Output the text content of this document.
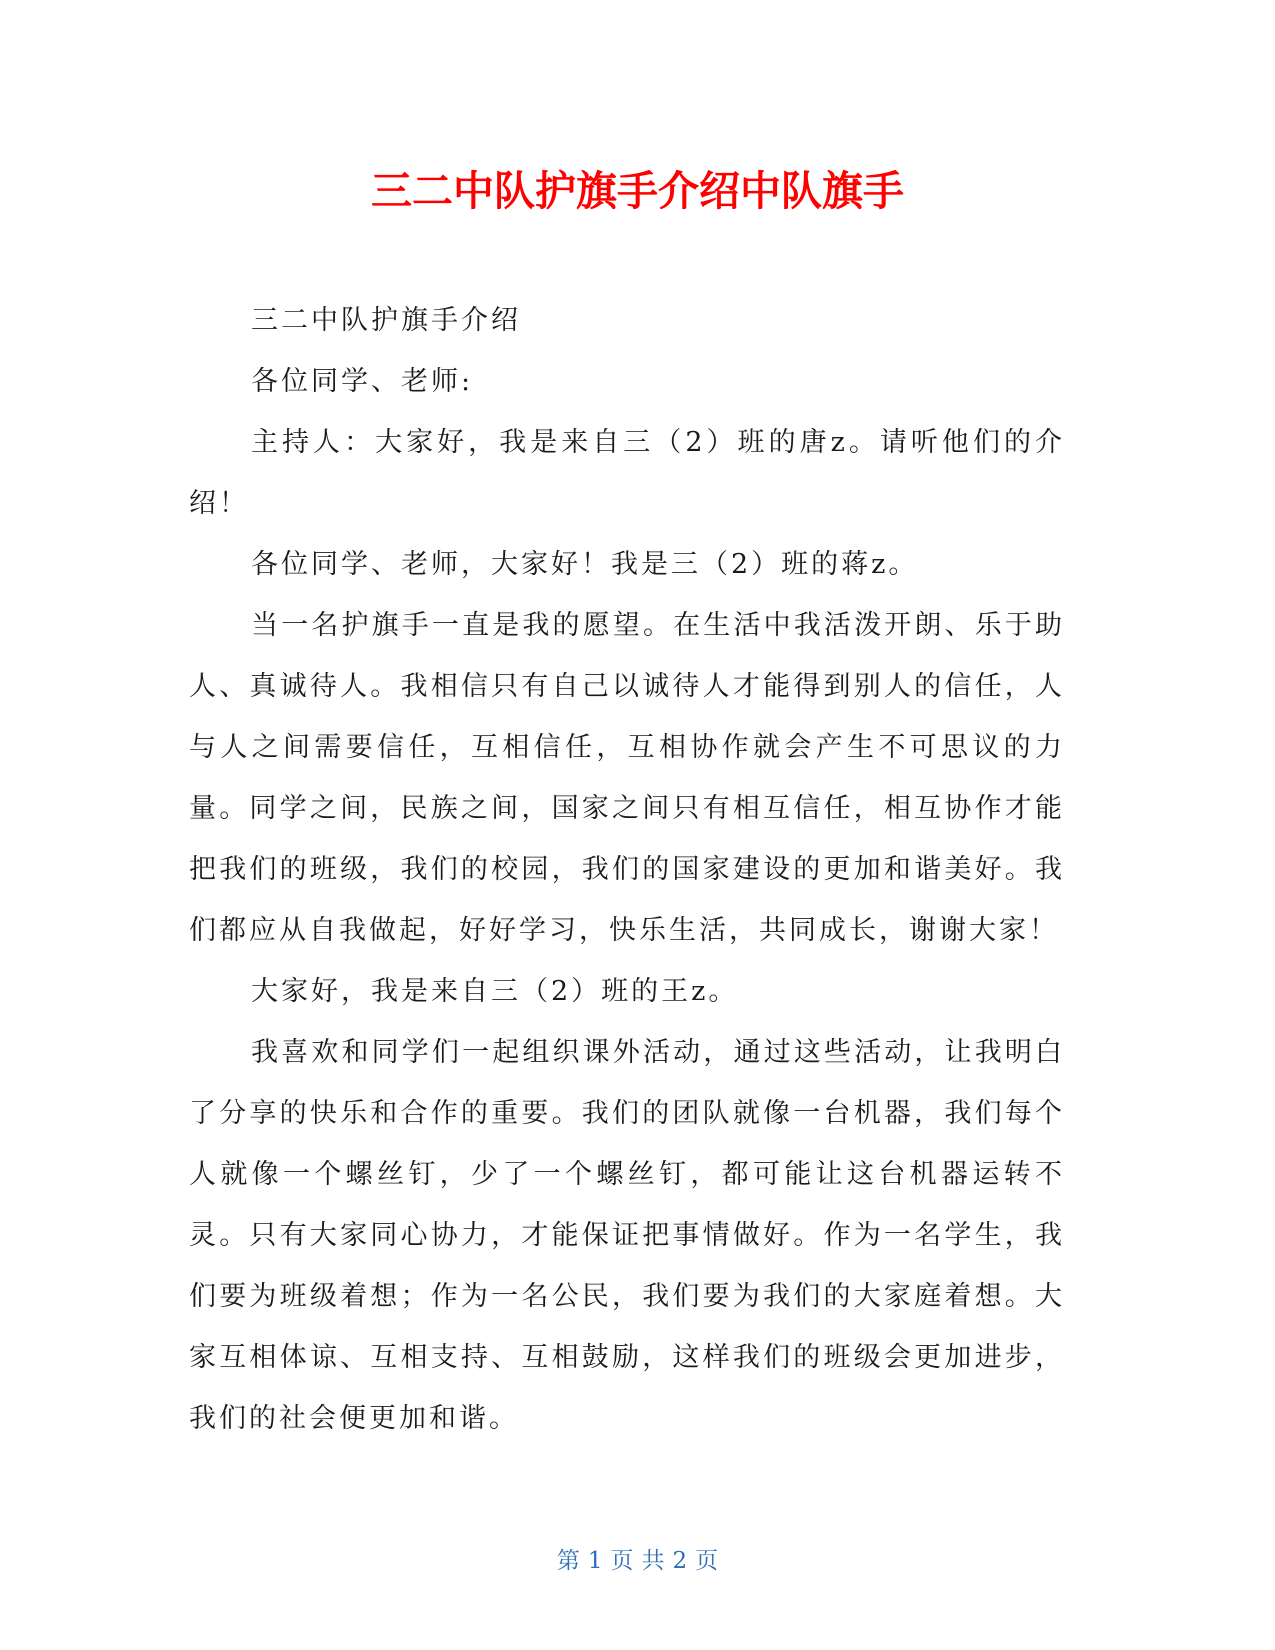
三二中队护旗手介绍中队旗手

三二中队护旗手介绍

各位同学、老师:

主持人：大家好，我是来自三（2）班的唐z。请听他们的介绍！

各位同学、老师，大家好！我是三（2）班的蒋z。

当一名护旗手一直是我的愿望。在生活中我活泼开朗、乐于助人、真诚待人。我相信只有自己以诚待人才能得到别人的信任，人与人之间需要信任，互相信任，互相协作就会产生不可思议的力量。同学之间，民族之间，国家之间只有相互信任，相互协作才能把我们的班级，我们的校园，我们的国家建设的更加和谐美好。我们都应从自我做起，好好学习，快乐生活，共同成长，谢谢大家！

大家好，我是来自三（2）班的王z。

我喜欢和同学们一起组织课外活动，通过这些活动，让我明白了分享的快乐和合作的重要。我们的团队就像一台机器，我们每个人就像一个螺丝钉，少了一个螺丝钉，都可能让这台机器运转不灵。只有大家同心协力，才能保证把事情做好。作为一名学生，我们要为班级着想；作为一名公民，我们要为我们的大家庭着想。大家互相体谅、互相支持、互相鼓励，这样我们的班级会更加进步，我们的社会便更加和谐。

第 1 页 共 2 页
